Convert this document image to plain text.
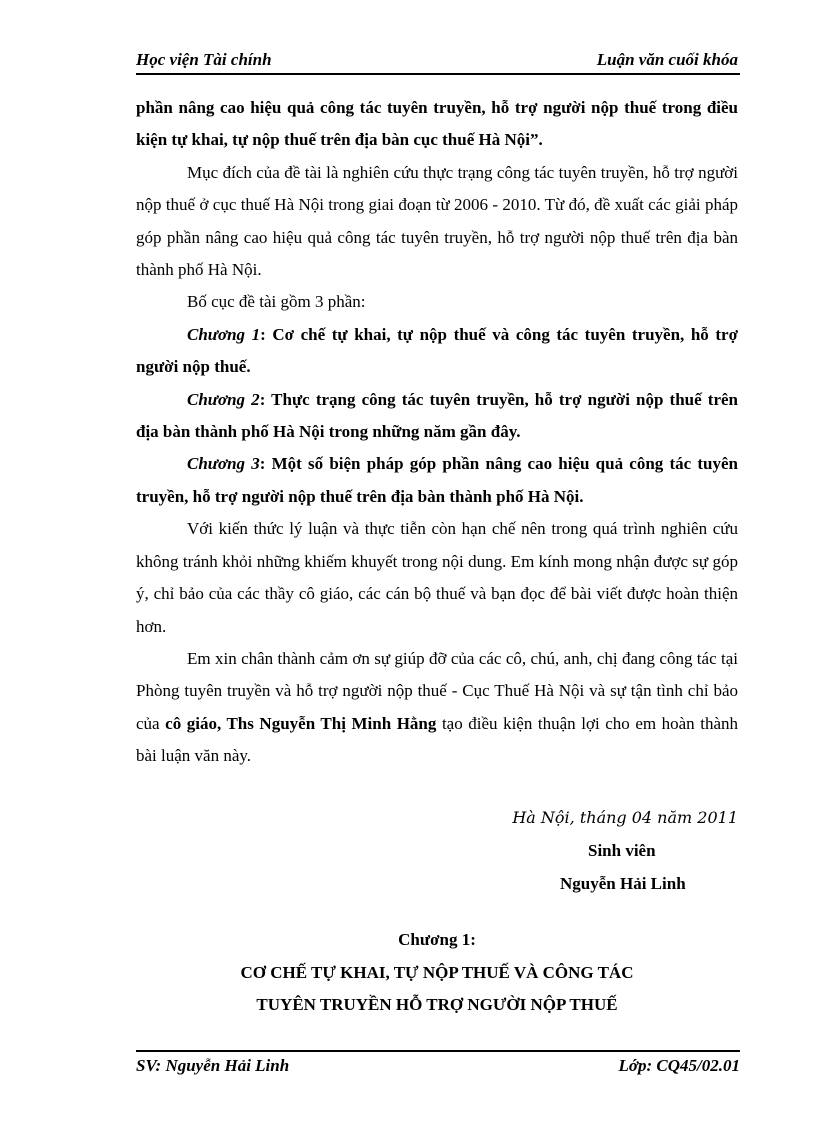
Học viện Tài chính	Luận văn cuối khóa

phần nâng cao hiệu quả công tác tuyên truyền, hỗ trợ người nộp thuế trong điều kiện tự khai, tự nộp thuế trên địa bàn cục thuế Hà Nội”.

Mục đích của đề tài là nghiên cứu thực trạng công tác tuyên truyền, hỗ trợ người nộp thuế ở cục thuế Hà Nội trong giai đoạn từ 2006 - 2010. Từ đó, đề xuất các giải pháp góp phần nâng cao hiệu quả công tác tuyên truyền, hỗ trợ người nộp thuế trên địa bàn thành phố Hà Nội.

Bố cục đề tài gồm 3 phần:

Chương 1: Cơ chế tự khai, tự nộp thuế và công tác tuyên truyền, hỗ trợ người nộp thuế.

Chương 2: Thực trạng công tác tuyên truyền, hỗ trợ người nộp thuế trên địa bàn thành phố Hà Nội trong những năm gần đây.

Chương 3: Một số biện pháp góp phần nâng cao hiệu quả công tác tuyên truyền, hỗ trợ người nộp thuế trên địa bàn thành phố Hà Nội.

Với kiến thức lý luận và thực tiễn còn hạn chế nên trong quá trình nghiên cứu không tránh khỏi những khiếm khuyết trong nội dung. Em kính mong nhận được sự góp ý, chỉ bảo của các thầy cô giáo, các cán bộ thuế và bạn đọc để bài viết được hoàn thiện hơn.

Em xin chân thành cảm ơn sự giúp đỡ của các cô, chú, anh, chị đang công tác tại Phòng tuyên truyền và hỗ trợ người nộp thuế - Cục Thuế Hà Nội và sự tận tình chỉ bảo của cô giáo, Ths Nguyễn Thị Minh Hằng tạo điều kiện thuận lợi cho em hoàn thành bài luận văn này.

Hà Nội, tháng 04 năm 2011
Sinh viên
Nguyễn Hải Linh
Chương 1:
CƠ CHẾ TỰ KHAI, TỰ NỘP THUẾ VÀ CÔNG TÁC
TUYÊN TRUYỀN HỖ TRỢ NGƯỜI NỘP THUẾ
SV: Nguyễn Hải Linh	Lớp: CQ45/02.01
